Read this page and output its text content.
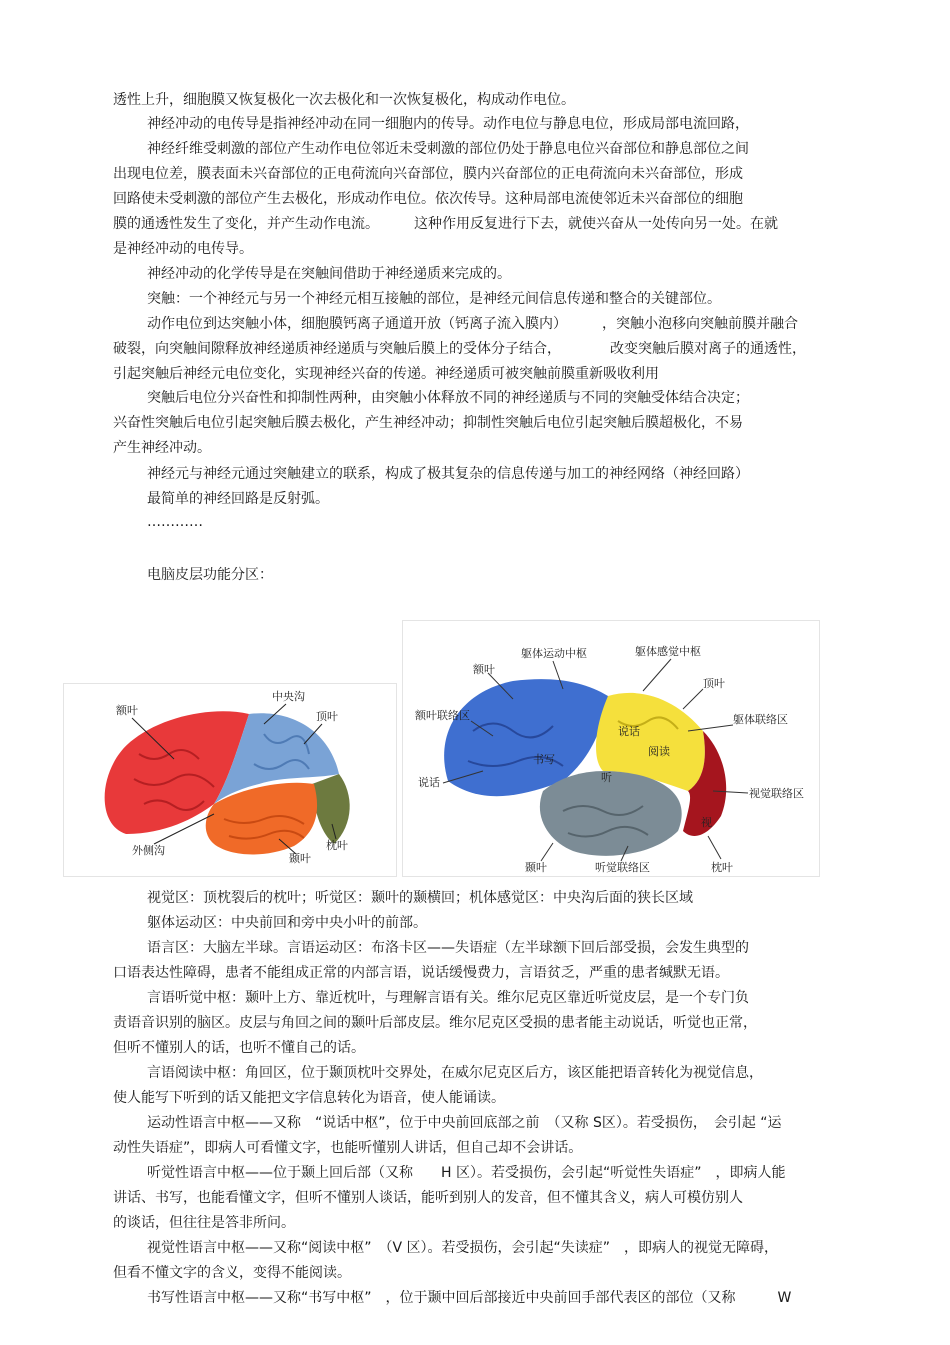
透性上升，细胞膜又恢复极化一次去极化和一次恢复极化，构成动作电位。
神经冲动的电传导是指神经冲动在同一细胞内的传导。动作电位与静息电位，形成局部电流回路，
神经纤维受刺激的部位产生动作电位邻近未受刺激的部位仍处于静息电位兴奋部位和静息部位之间
出现电位差，膜表面未兴奋部位的正电荷流向兴奋部位，膜内兴奋部位的正电荷流向未兴奋部位，形成
回路使未受刺激的部位产生去极化，形成动作电位。依次传导。这种局部电流使邻近未兴奋部位的细胞
膜的通透性发生了变化，并产生动作电流。　　　这种作用反复进行下去，就使兴奋从一处传向另一处。在就
是神经冲动的电传导。
神经冲动的化学传导是在突触间借助于神经递质来完成的。
突触：一个神经元与另一个神经元相互接触的部位，是神经元间信息传递和整合的关键部位。
动作电位到达突触小体，细胞膜钙离子通道开放（钙离子流入膜内）　　　，突触小泡移向突触前膜并融合
破裂，向突触间隙释放神经递质神经递质与突触后膜上的受体分子结合，　　　　改变突触后膜对离子的通透性，
引起突触后神经元电位变化，实现神经兴奋的传递。神经递质可被突触前膜重新吸收利用
突触后电位分兴奋性和抑制性两种，由突触小体释放不同的神经递质与不同的突触受体结合决定；
兴奋性突触后电位引起突触后膜去极化，产生神经冲动；抑制性突触后电位引起突触后膜超极化，不易
产生神经冲动。
神经元与神经元通过突触建立的联系，构成了极其复杂的信息传递与加工的神经网络（神经回路）
最简单的神经回路是反射弧。
…………
电脑皮层功能分区：
额叶
中央沟
顶叶
枕叶
颞叶
外侧沟
躯体运动中枢	躯体感觉中枢
额叶
顶叶
额叶联络区	躯体联络区
说话
阅读
说话
书写
听
视觉联络区
视
颞叶	听觉联络区	枕叶
视觉区：顶枕裂后的枕叶；听觉区：颞叶的颞横回；机体感觉区：中央沟后面的狭长区域
躯体运动区：中央前回和旁中央小叶的前部。
语言区：大脑左半球。言语运动区：布洛卡区——失语症（左半球额下回后部受损，会发生典型的
口语表达性障碍，患者不能组成正常的内部言语，说话缓慢费力，言语贫乏，严重的患者缄默无语。
言语听觉中枢：颞叶上方、靠近枕叶，与理解言语有关。维尔尼克区靠近听觉皮层，是一个专门负
责语音识别的脑区。皮层与角回之间的颞叶后部皮层。维尔尼克区受损的患者能主动说话，听觉也正常，
但听不懂别人的话，也听不懂自己的话。
言语阅读中枢：角回区，位于颞顶枕叶交界处，在威尔尼克区后方，该区能把语音转化为视觉信息，
使人能写下听到的话又能把文字信息转化为语音，使人能诵读。
运动性语言中枢——又称　“说话中枢”，位于中央前回底部之前　（又称 S区）。若受损伤，　会引起 “运
动性失语症”，即病人可看懂文字，也能听懂别人讲话，但自己却不会讲话。
听觉性语言中枢——位于颞上回后部（又称　　H 区）。若受损伤，会引起“听觉性失语症”　，即病人能
讲话、书写，也能看懂文字，但听不懂别人谈话，能听到别人的发音，但不懂其含义，病人可模仿别人
的谈话，但往往是答非所问。
视觉性语言中枢——又称“阅读中枢”　（V 区）。若受损伤，会引起“失读症”　，即病人的视觉无障碍，
但看不懂文字的含义，变得不能阅读。
书写性语言中枢——又称“书写中枢”　，位于颞中回后部接近中央前回手部代表区的部位（又称　　　W
